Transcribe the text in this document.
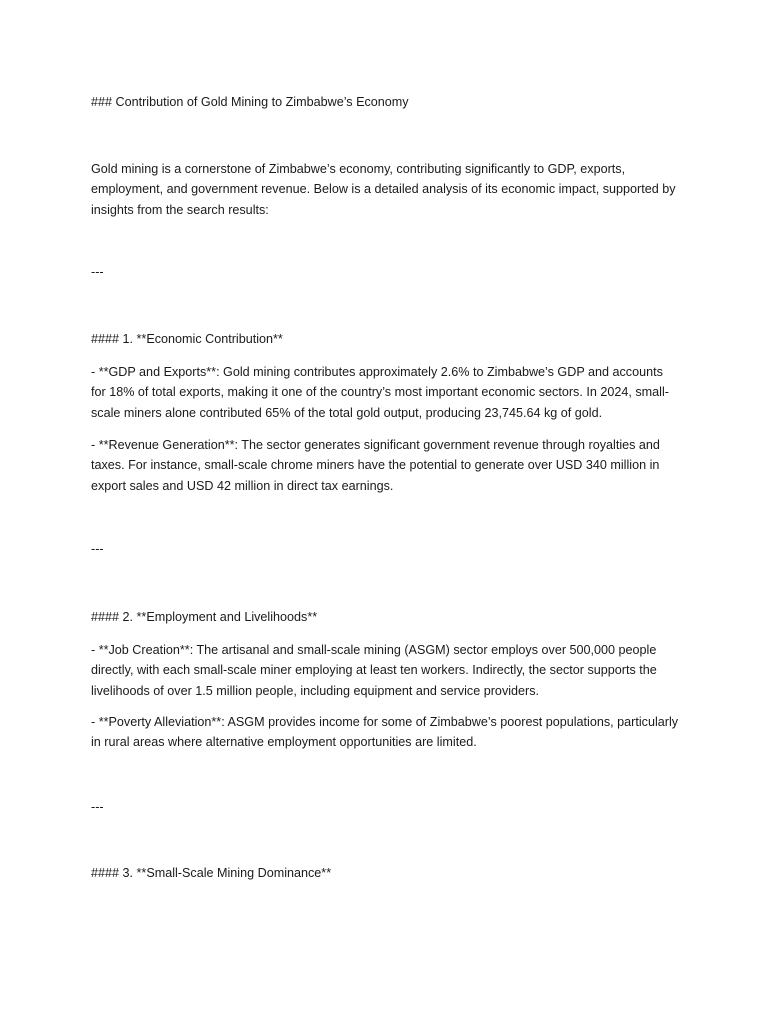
### Contribution of Gold Mining to Zimbabwe’s Economy

Gold mining is a cornerstone of Zimbabwe’s economy, contributing significantly to GDP, exports, employment, and government revenue. Below is a detailed analysis of its economic impact, supported by insights from the search results:

---

#### 1. **Economic Contribution**

- **GDP and Exports**: Gold mining contributes approximately 2.6% to Zimbabwe’s GDP and accounts for 18% of total exports, making it one of the country’s most important economic sectors. In 2024, small-scale miners alone contributed 65% of the total gold output, producing 23,745.64 kg of gold.

- **Revenue Generation**: The sector generates significant government revenue through royalties and taxes. For instance, small-scale chrome miners have the potential to generate over USD 340 million in export sales and USD 42 million in direct tax earnings.

---

#### 2. **Employment and Livelihoods**

- **Job Creation**: The artisanal and small-scale mining (ASGM) sector employs over 500,000 people directly, with each small-scale miner employing at least ten workers. Indirectly, the sector supports the livelihoods of over 1.5 million people, including equipment and service providers.

- **Poverty Alleviation**: ASGM provides income for some of Zimbabwe’s poorest populations, particularly in rural areas where alternative employment opportunities are limited.

---

#### 3. **Small-Scale Mining Dominance**
